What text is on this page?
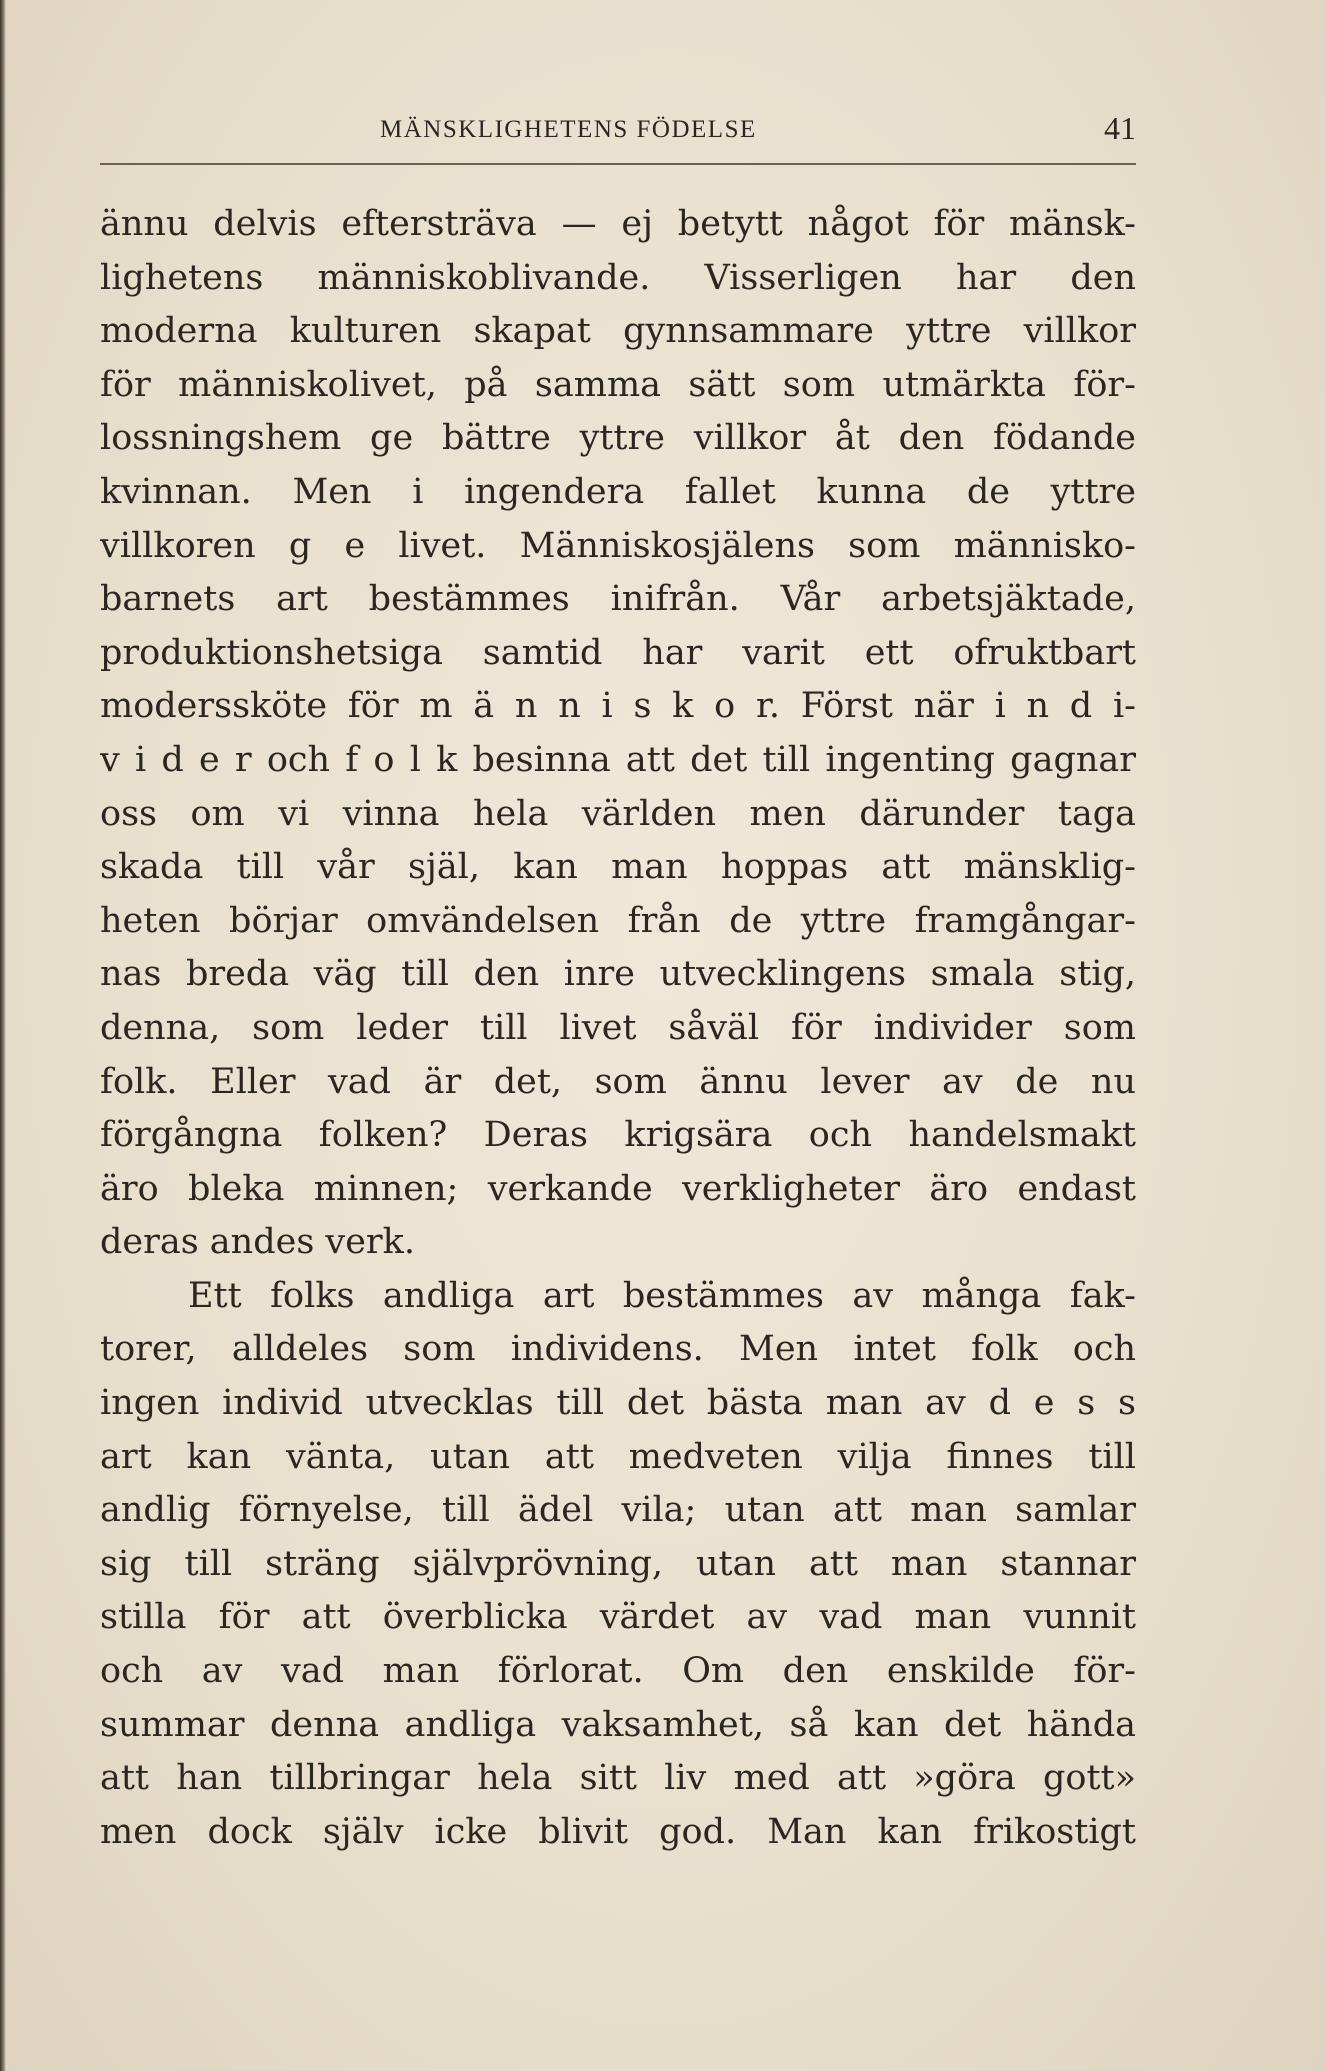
MÄNSKLIGHETENS FÖDELSE	41
ännu delvis eftersträva — ej betytt något för mänsk-
lighetens människoblivande. Visserligen har den
moderna kulturen skapat gynnsammare yttre villkor
för människolivet, på samma sätt som utmärkta för-
lossningshem ge bättre yttre villkor åt den födande
kvinnan. Men i ingendera fallet kunna de yttre
villkoren g e livet. Människosjälens som människo-
barnets art bestämmes inifrån. Vår arbetsjäktade,
produktionshetsiga samtid har varit ett ofruktbart
moderssköte för m ä n n i s k o r. Först när i n d i-
v i d e r och f o l k besinna att det till ingenting gagnar
oss om vi vinna hela världen men därunder taga
skada till vår själ, kan man hoppas att mänsklig-
heten börjar omvändelsen från de yttre framgångar-
nas breda väg till den inre utvecklingens smala stig,
denna, som leder till livet såväl för individer som
folk. Eller vad är det, som ännu lever av de nu
förgångna folken? Deras krigsära och handelsmakt
äro bleka minnen; verkande verkligheter äro endast
deras andes verk.
Ett folks andliga art bestämmes av många fak-
torer, alldeles som individens. Men intet folk och
ingen individ utvecklas till det bästa man av d e s s
art kan vänta, utan att medveten vilja finnes till
andlig förnyelse, till ädel vila; utan att man samlar
sig till sträng självprövning, utan att man stannar
stilla för att överblicka värdet av vad man vunnit
och av vad man förlorat. Om den enskilde för-
summar denna andliga vaksamhet, så kan det hända
att han tillbringar hela sitt liv med att »göra gott»
men dock själv icke blivit god. Man kan frikostigt
